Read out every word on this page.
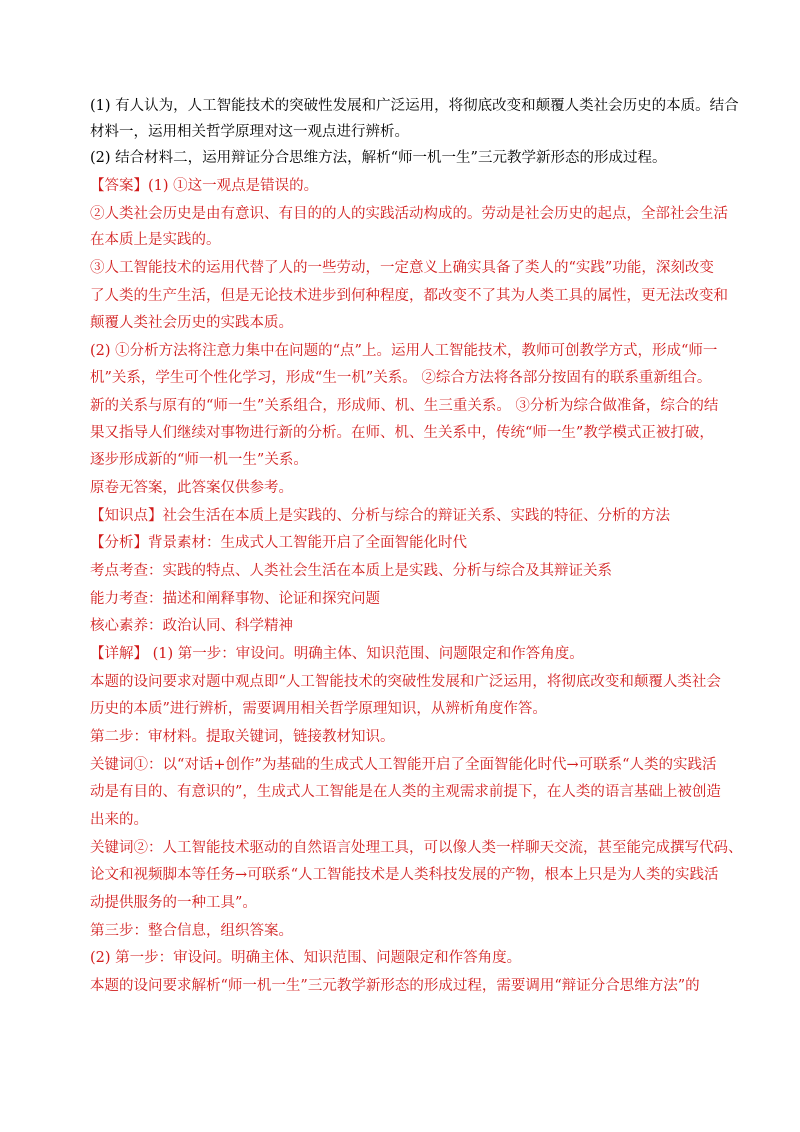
(1) 有人认为，人工智能技术的突破性发展和广泛运用，将彻底改变和颠覆人类社会历史的本质。结合
材料一，运用相关哲学原理对这一观点进行辨析。
(2) 结合材料二，运用辩证分合思维方法，解析“师一机一生”三元教学新形态的形成过程。
【答案】(1) ①这一观点是错误的。
②人类社会历史是由有意识、有目的的人的实践活动构成的。劳动是社会历史的起点，全部社会生活
在本质上是实践的。
③人工智能技术的运用代替了人的一些劳动，一定意义上确实具备了类人的“实践”功能，深刻改变
了人类的生产生活，但是无论技术进步到何种程度，都改变不了其为人类工具的属性，更无法改变和
颠覆人类社会历史的实践本质。
(2) ①分析方法将注意力集中在问题的“点”上。运用人工智能技术，教师可创教学方式，形成“师一
机”关系，学生可个性化学习，形成“生一机”关系。 ②综合方法将各部分按固有的联系重新组合。
新的关系与原有的“师一生”关系组合，形成师、机、生三重关系。 ③分析为综合做准备，综合的结
果又指导人们继续对事物进行新的分析。在师、机、生关系中，传统“师一生”教学模式正被打破，
逐步形成新的“师一机一生”关系。
原卷无答案，此答案仅供参考。
【知识点】社会生活在本质上是实践的、分析与综合的辩证关系、实践的特征、分析的方法
【分析】背景素材：生成式人工智能开启了全面智能化时代
考点考查：实践的特点、人类社会生活在本质上是实践、分析与综合及其辩证关系
能力考查：描述和阐释事物、论证和探究问题
核心素养：政治认同、科学精神
【详解】 (1) 第一步：审设问。明确主体、知识范围、问题限定和作答角度。
本题的设问要求对题中观点即“人工智能技术的突破性发展和广泛运用，将彻底改变和颠覆人类社会
历史的本质”进行辨析，需要调用相关哲学原理知识，从辨析角度作答。
第二步：审材料。提取关键词，链接教材知识。
关键词①：以“对话+创作”为基础的生成式人工智能开启了全面智能化时代→可联系“人类的实践活
动是有目的、有意识的”，生成式人工智能是在人类的主观需求前提下，在人类的语言基础上被创造
出来的。
关键词②：人工智能技术驱动的自然语言处理工具，可以像人类一样聊天交流，甚至能完成撰写代码、
论文和视频脚本等任务→可联系“人工智能技术是人类科技发展的产物，根本上只是为人类的实践活
动提供服务的一种工具”。
第三步：整合信息，组织答案。
(2) 第一步：审设问。明确主体、知识范围、问题限定和作答角度。
本题的设问要求解析“师一机一生”三元教学新形态的形成过程，需要调用“辩证分合思维方法”的
